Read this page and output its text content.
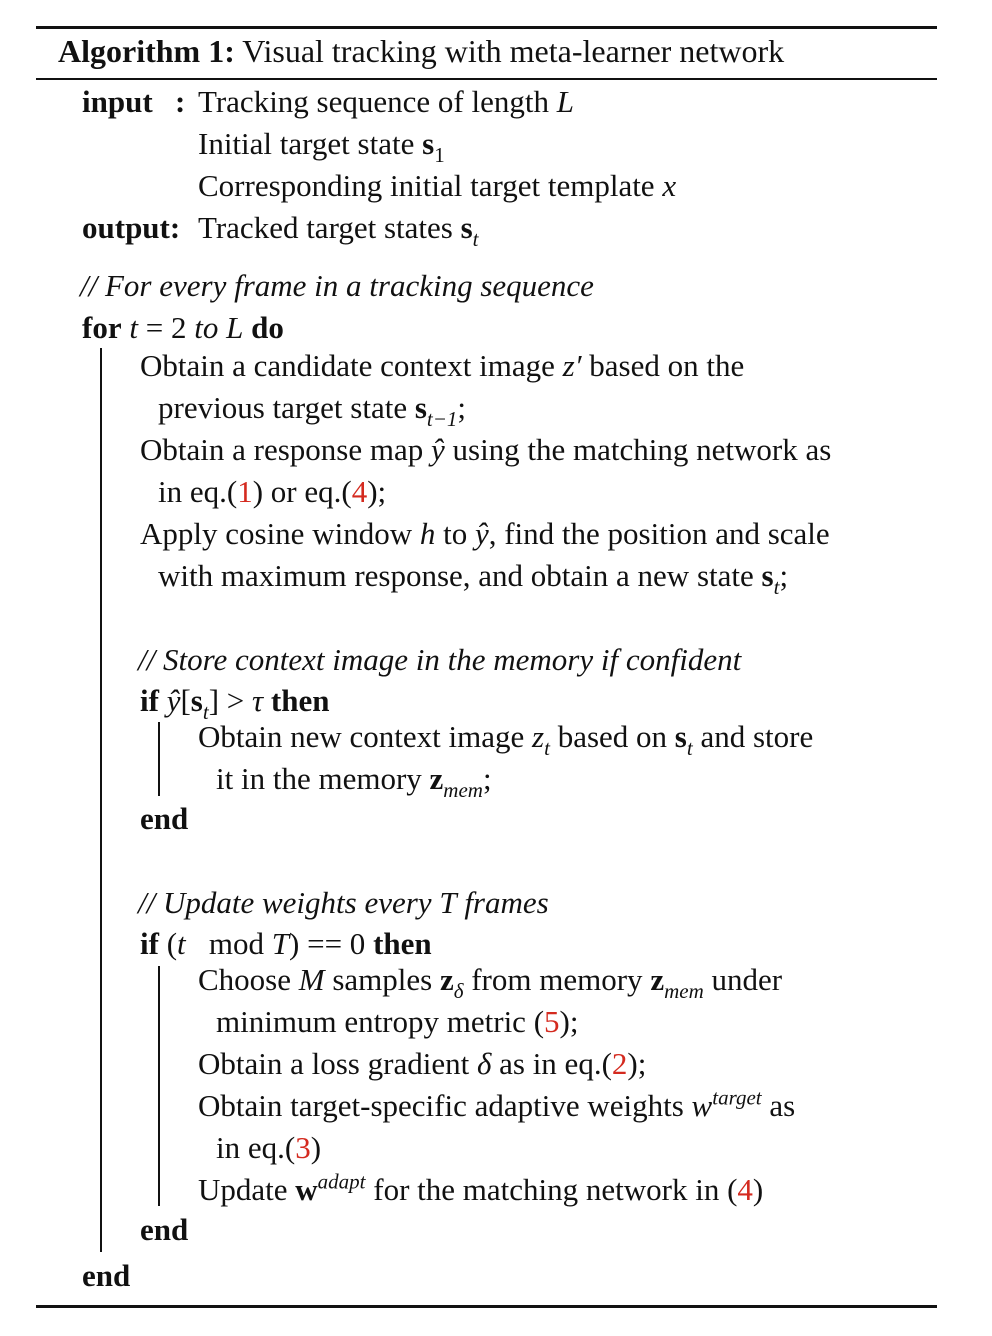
Algorithm 1: Visual tracking with meta-learner network
input : Tracking sequence of length L
Initial target state $s_1$
Corresponding initial target template x
output: Tracked target states $s_t$
// For every frame in a tracking sequence
for t = 2 to L do
Obtain a candidate context image z′ based on the
previous target state $s_{t-1}$;
Obtain a response map ŷ using the matching network as
in eq.(1) or eq.(4);
Apply cosine window h to ŷ, find the position and scale
with maximum response, and obtain a new state $s_t$;
// Store context image in the memory if confident
if $ŷ[s_t] > \tau$ then
Obtain new context image $z_t$ based on $s_t$ and store
it in the memory $z_{mem}$;
end
// Update weights every T frames
if (t   mod T) == 0 then
Choose M samples $z_\delta$ from memory $z_{mem}$ under
minimum entropy metric (5);
Obtain a loss gradient δ as in eq.(2);
Obtain target-specific adaptive weights $w^{target}$ as
in eq.(3)
Update $w^{adapt}$ for the matching network in (4)
end
end
